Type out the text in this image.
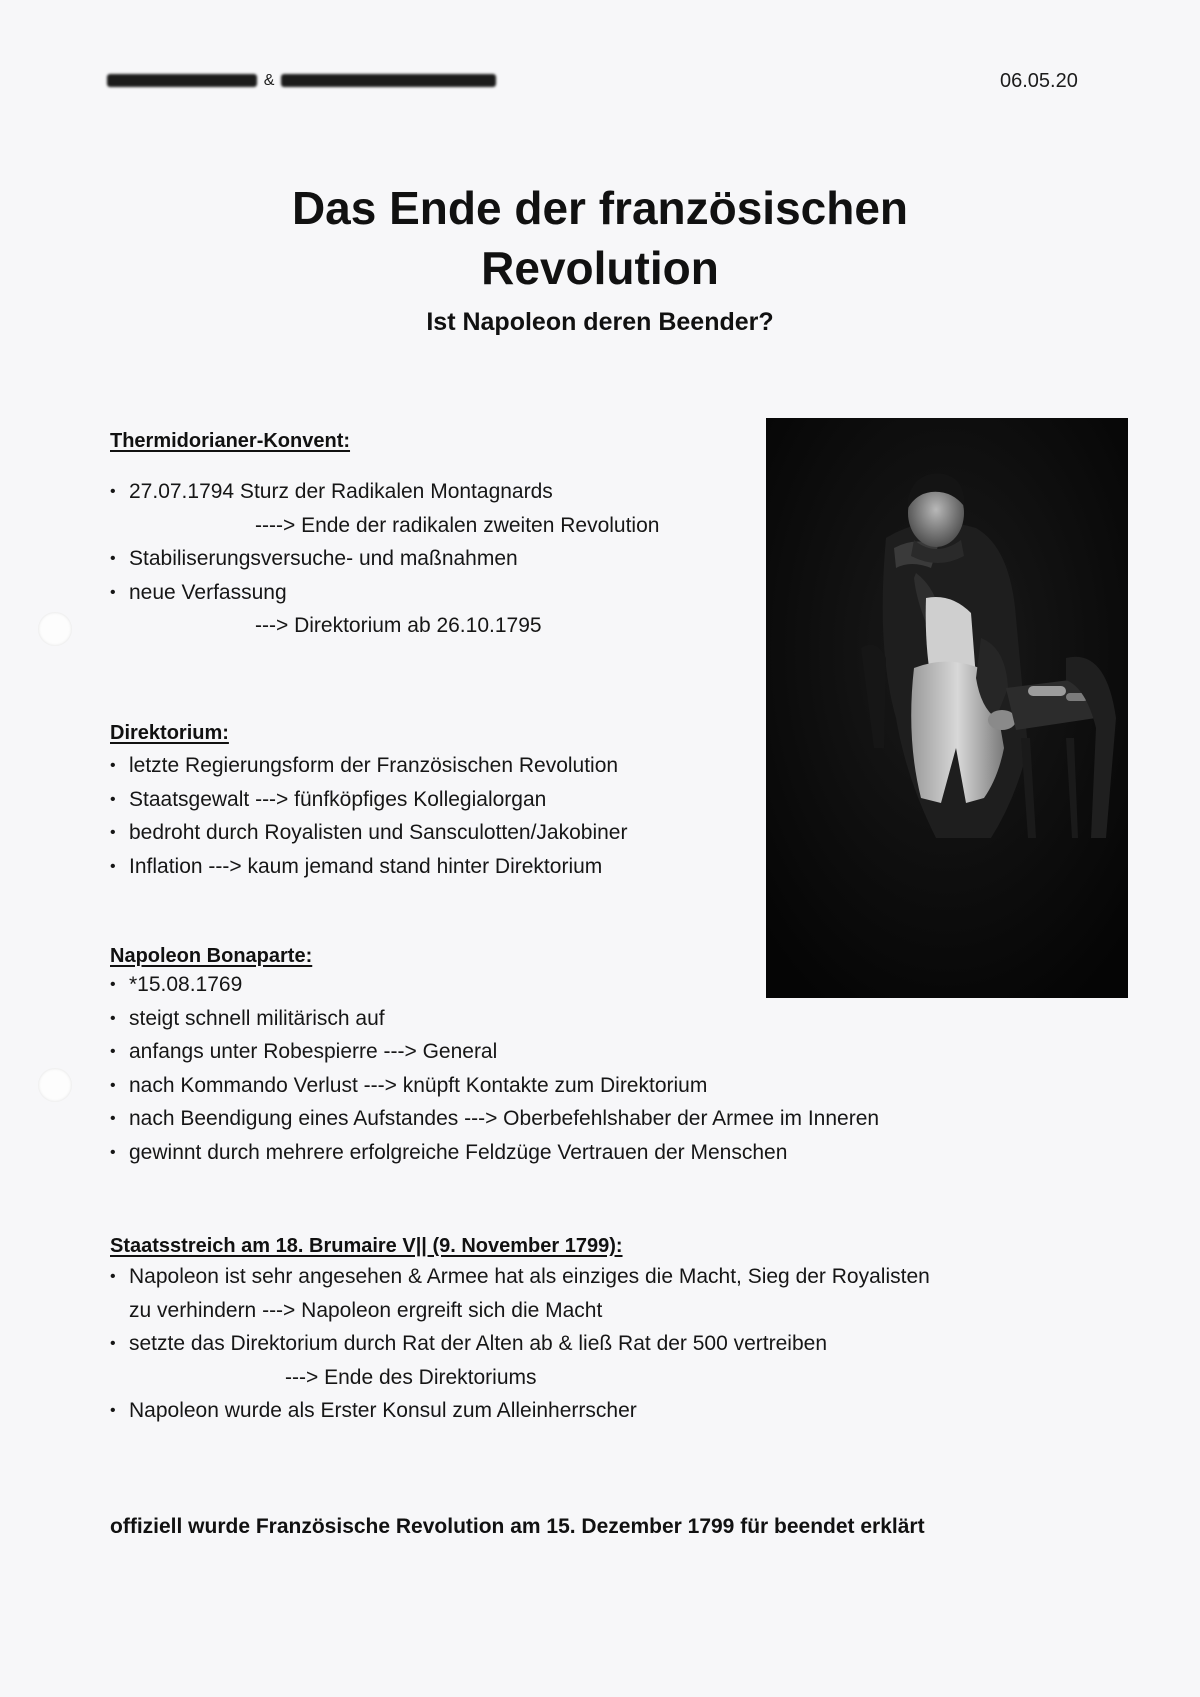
&	06.05.20
Das Ende der französischen
Revolution
Ist Napoleon deren Beender?

Thermidorianer-Konvent:

• 27.07.1794 Sturz der Radikalen Montagnards
----> Ende der radikalen zweiten Revolution
• Stabiliserungsversuche- und maßnahmen
• neue Verfassung
---> Direktorium ab 26.10.1795

Direktorium:

• letzte Regierungsform der Französischen Revolution
• Staatsgewalt ---> fünfköpfiges Kollegialorgan
• bedroht durch Royalisten und Sansculotten/Jakobiner
• Inflation ---> kaum jemand stand hinter Direktorium

Napoleon Bonaparte:

• *15.08.1769
• steigt schnell militärisch auf
• anfangs unter Robespierre ---> General
• nach Kommando Verlust ---> knüpft Kontakte zum Direktorium
• nach Beendigung eines Aufstandes ---> Oberbefehlshaber der Armee im Inneren
• gewinnt durch mehrere erfolgreiche Feldzüge Vertrauen der Menschen

Staatsstreich am 18. Brumaire V|| (9. November 1799):

• Napoleon ist sehr angesehen & Armee hat als einziges die Macht, Sieg der Royalisten
zu verhindern ---> Napoleon ergreift sich die Macht
• setzte das Direktorium durch Rat der Alten ab & ließ Rat der 500 vertreiben
---> Ende des Direktoriums
• Napoleon wurde als Erster Konsul zum Alleinherrscher
offiziell wurde Französische Revolution am 15. Dezember 1799 für beendet erklärt
